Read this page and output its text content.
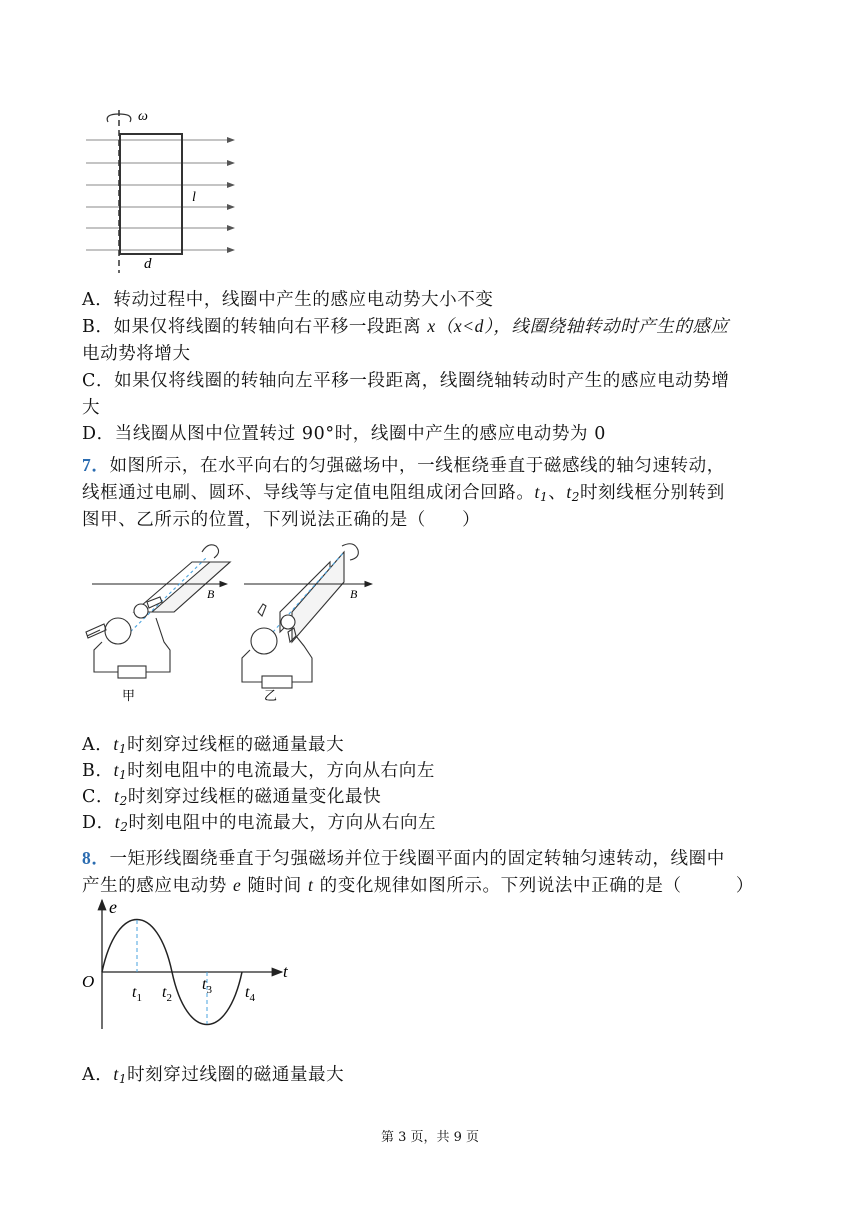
ω
l
d
A．转动过程中，线圈中产生的感应电动势大小不变
B．如果仅将线圈的转轴向右平移一段距离 x（x<d），线圈绕轴转动时产生的感应
电动势将增大
C．如果仅将线圈的转轴向左平移一段距离，线圈绕轴转动时产生的感应电动势增
大
D．当线圈从图中位置转过 90°时，线圈中产生的感应电动势为 0
7．如图所示，在水平向右的匀强磁场中，一线框绕垂直于磁感线的轴匀速转动，
线框通过电刷、圆环、导线等与定值电阻组成闭合回路。$t_1$、$t_2$时刻线框分别转到
图甲、乙所示的位置，下列说法正确的是（　　）
B
甲
B
乙
A．$t_1$时刻穿过线框的磁通量最大
B．$t_1$时刻电阻中的电流最大，方向从右向左
C．$t_2$时刻穿过线框的磁通量变化最快
D．$t_2$时刻电阻中的电流最大，方向从右向左
8．一矩形线圈绕垂直于匀强磁场并位于线圈平面内的固定转轴匀速转动，线圈中
产生的感应电动势 e 随时间 t 的变化规律如图所示。下列说法中正确的是（　　　）
e
O
t
$t_1$ $t_2$
$t_3$ $t_4$
A．$t_1$时刻穿过线圈的磁通量最大
第 3 页，共 9 页
